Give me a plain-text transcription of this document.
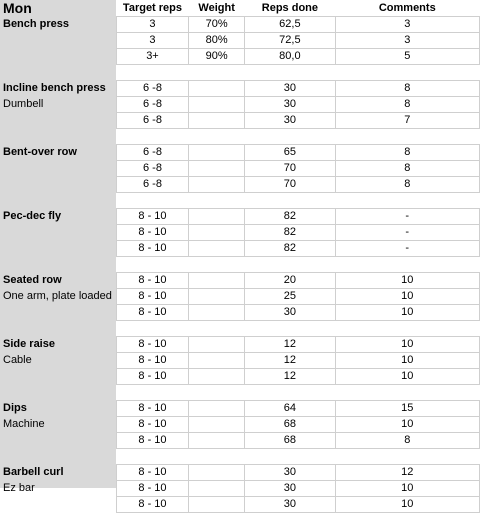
Mon	Target reps	Weight	Reps done	Comments
Bench press	3	70%	62,5	3
	3	80%	72,5	3
	3+	90%	80,0	5

Incline bench press	6 -8		30	8
Dumbell	6 -8		30	8
	6 -8		30	7

Bent-over row	6 -8		65	8
	6 -8		70	8
	6 -8		70	8

Pec-dec fly	8 - 10		82	-
	8 - 10		82	-
	8 - 10		82	-

Seated row	8 - 10		20	10
One arm, plate loaded	8 - 10		25	10
	8 - 10		30	10

Side raise	8 - 10		12	10
Cable	8 - 10		12	10
	8 - 10		12	10

Dips	8 - 10		64	15
Machine	8 - 10		68	10
	8 - 10		68	8

Barbell curl	8 - 10		30	12
Ez bar	8 - 10		30	10
	8 - 10		30	10
